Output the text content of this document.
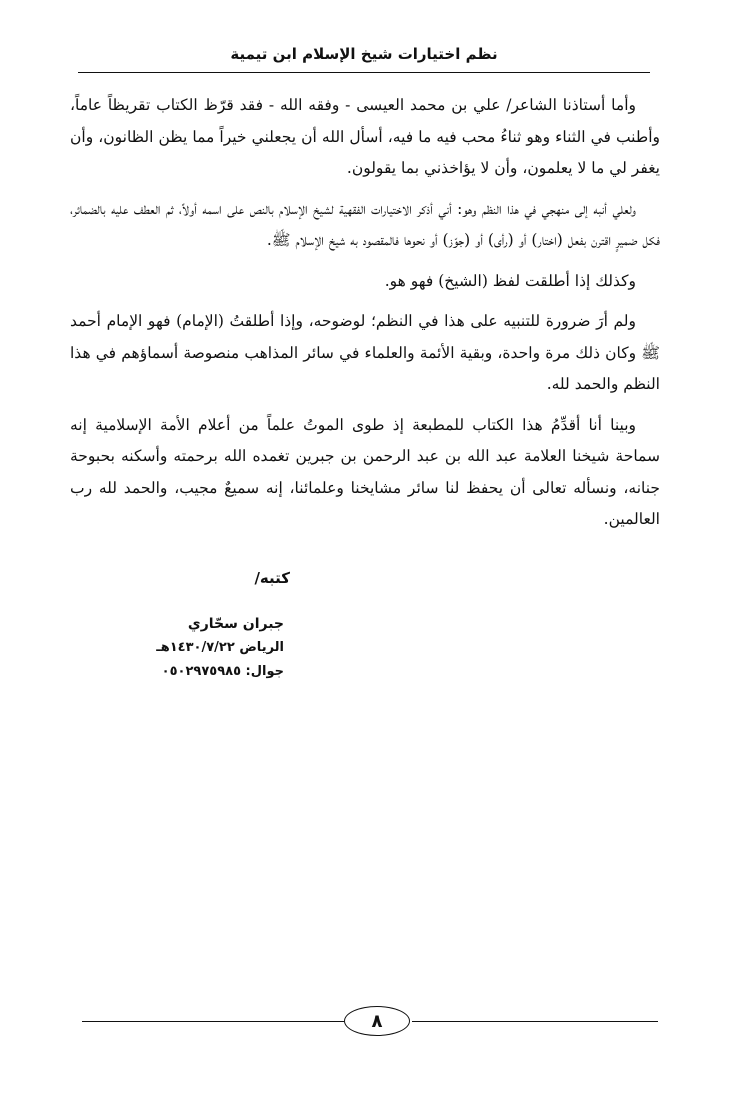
نظم اختيارات شيخ الإسلام ابن تيمية

وأما أستاذنا الشاعر/ علي بن محمد العيسى - وفقه الله - فقد قرّظ الكتاب تقريظاً عاماً، وأطنب في الثناء وهو ثناءُ محب فيه ما فيه، أسأل الله أن يجعلني خيراً مما يظن الظانون، وأن يغفر لي ما لا يعلمون، وأن لا يؤاخذني بما يقولون.

ولعلي أنبه إلى منهجي في هذا النظم وهو: أني أذكر الاختيارات الفقهية لشيخ الإسلام بالنص على اسمه أولاً، ثم العطف عليه بالضمائر، فكل ضميرٍ اقترن بفعل (اختار) أو (رأى) أو (جوّز) أو نحوها فالمقصود به شيخ الإسلام ﷺ.

وكذلك إذا أطلقت لفظ (الشيخ) فهو هو.

ولم أرَ ضرورة للتنبيه على هذا في النظم؛ لوضوحه، وإذا أطلقتُ (الإمام) فهو الإمام أحمد ﷺ وكان ذلك مرة واحدة، وبقية الأئمة والعلماء في سائر المذاهب منصوصة أسماؤهم في هذا النظم والحمد لله.

وبينا أنا أقدِّمُ هذا الكتاب للمطبعة إذ طوى الموتُ علماً من أعلام الأمة الإسلامية إنه سماحة شيخنا العلامة عبد الله بن عبد الرحمن بن جبرين تغمده الله برحمته وأسكنه بحبوحة جنانه، ونسأله تعالى أن يحفظ لنا سائر مشايخنا وعلمائنا، إنه سميعٌ مجيب، والحمد لله رب العالمين.

كتبه/
جبران سحّاري
الرياض ١٤٣٠/٧/٢٢هـ
جوال: ٠٥٠٢٩٧٥٩٨٥
٨
